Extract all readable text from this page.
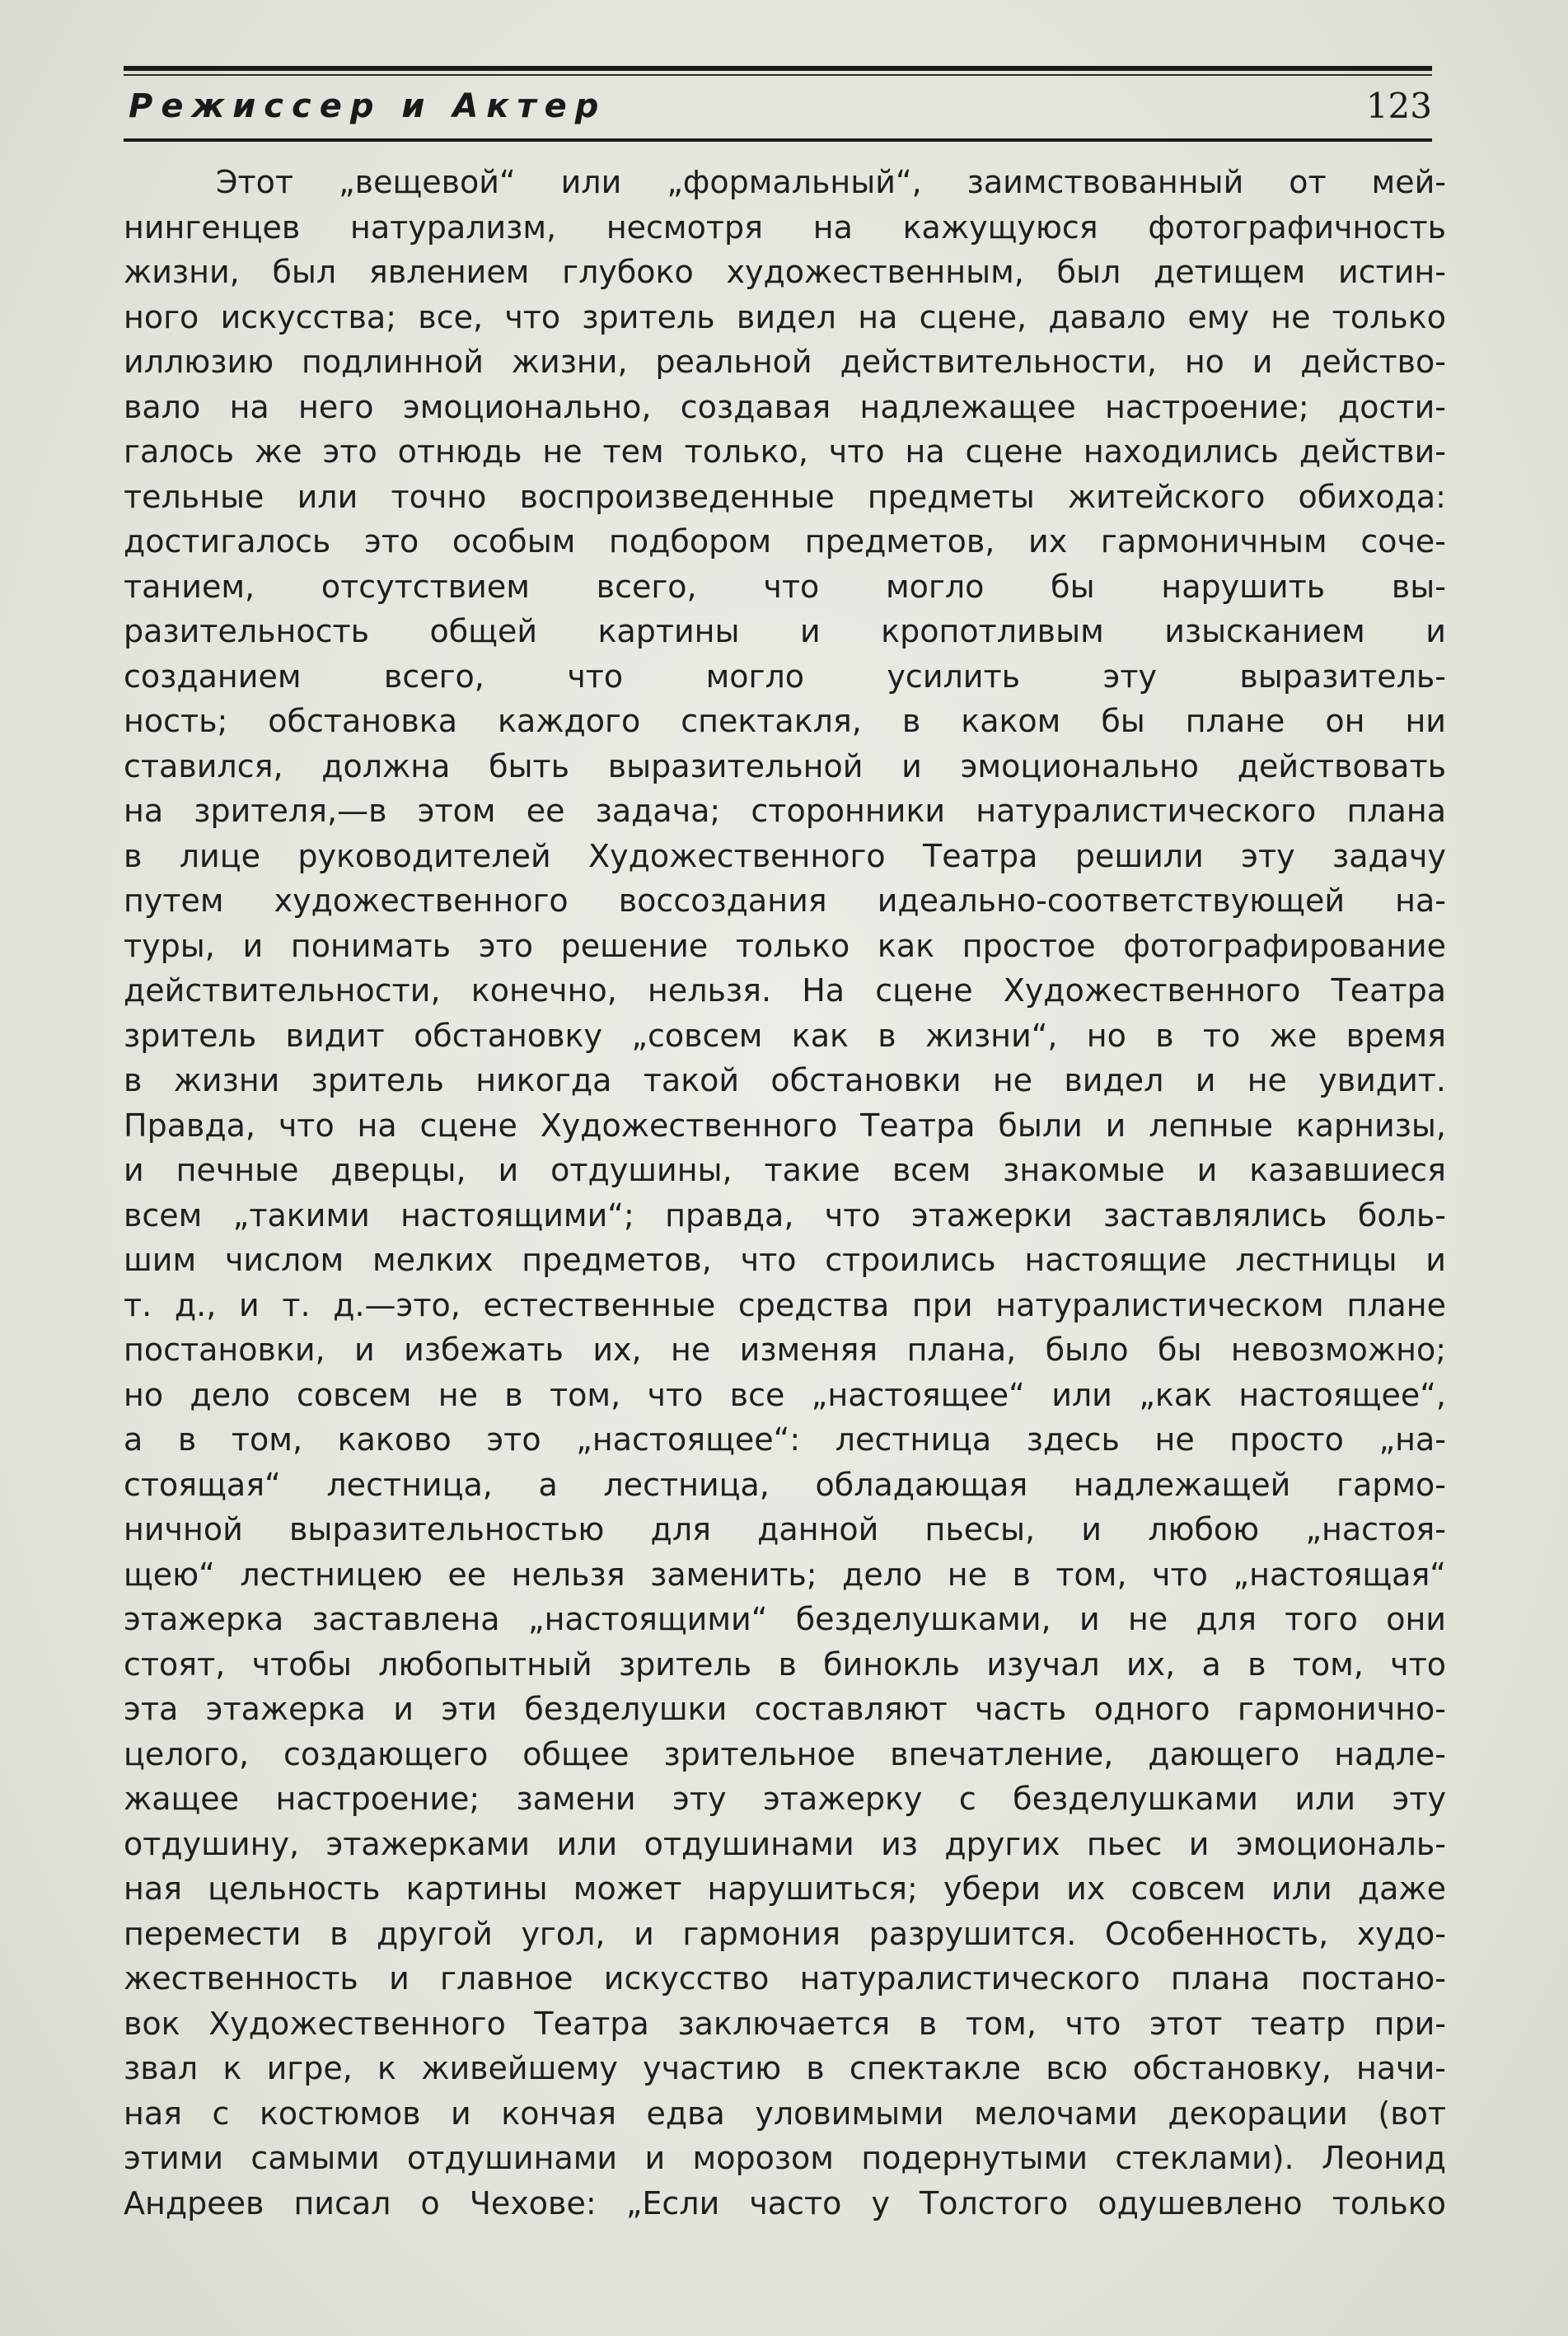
Режиссер и Актер	123
Этот „вещевой“ или „формальный“, заимствованный от мей-
нингенцев натурализм, несмотря на кажущуюся фотографичность
жизни, был явлением глубоко художественным, был детищем истин-
ного искусства; все, что зритель видел на сцене, давало ему не только
иллюзию подлинной жизни, реальной действительности, но и действо-
вало на него эмоционально, создавая надлежащее настроение; дости-
галось же это отнюдь не тем только, что на сцене находились действи-
тельные или точно воспроизведенные предметы житейского обихода:
достигалось это особым подбором предметов, их гармоничным соче-
танием, отсутствием всего, что могло бы нарушить вы-
разительность общей картины и кропотливым изысканием и
созданием всего, что могло усилить эту выразитель-
ность; обстановка каждого спектакля, в каком бы плане он ни
ставился, должна быть выразительной и эмоционально действовать
на зрителя,—в этом ее задача; сторонники натуралистического плана
в лице руководителей Художественного Театра решили эту задачу
путем художественного воссоздания идеально-соответствующей на-
туры, и понимать это решение только как простое фотографирование
действительности, конечно, нельзя. На сцене Художественного Театра
зритель видит обстановку „совсем как в жизни“, но в то же время
в жизни зритель никогда такой обстановки не видел и не увидит.
Правда, что на сцене Художественного Театра были и лепные карнизы,
и печные дверцы, и отдушины, такие всем знакомые и казавшиеся
всем „такими настоящими“; правда, что этажерки заставлялись боль-
шим числом мелких предметов, что строились настоящие лестницы и
т. д., и т. д.—это, естественные средства при натуралистическом плане
постановки, и избежать их, не изменяя плана, было бы невозможно;
но дело совсем не в том, что все „настоящее“ или „как настоящее“,
а в том, каково это „настоящее“: лестница здесь не просто „на-
стоящая“ лестница, а лестница, обладающая надлежащей гармо-
ничной выразительностью для данной пьесы, и любою „настоя-
щею“ лестницею ее нельзя заменить; дело не в том, что „настоящая“
этажерка заставлена „настоящими“ безделушками, и не для того они
стоят, чтобы любопытный зритель в бинокль изучал их, а в том, что
эта этажерка и эти безделушки составляют часть одного гармонично-
целого, создающего общее зрительное впечатление, дающего надле-
жащее настроение; замени эту этажерку с безделушками или эту
отдушину, этажерками или отдушинами из других пьес и эмоциональ-
ная цельность картины может нарушиться; убери их совсем или даже
перемести в другой угол, и гармония разрушится. Особенность, худо-
жественность и главное искусство натуралистического плана постано-
вок Художественного Театра заключается в том, что этот театр при-
звал к игре, к живейшему участию в спектакле всю обстановку, начи-
ная с костюмов и кончая едва уловимыми мелочами декорации (вот
этими самыми отдушинами и морозом подернутыми стеклами). Леонид
Андреев писал о Чехове: „Если часто у Толстого одушевлено только
